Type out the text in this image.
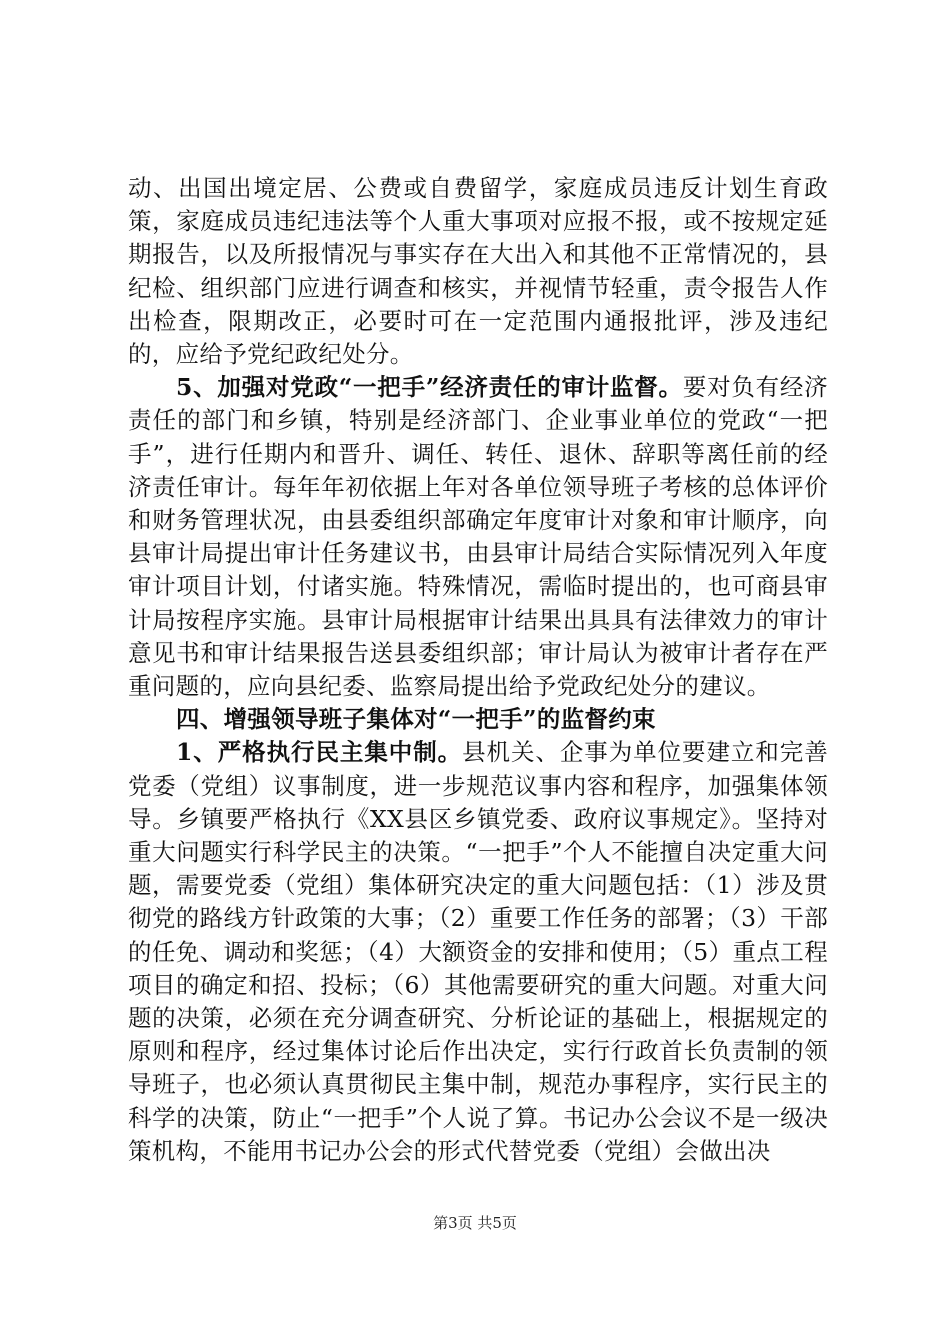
动、出国出境定居、公费或自费留学，家庭成员违反计划生育政策，家庭成员违纪违法等个人重大事项对应报不报，或不按规定延期报告，以及所报情况与事实存在大出入和其他不正常情况的，县纪检、组织部门应进行调查和核实，并视情节轻重，责令报告人作出检查，限期改正，必要时可在一定范围内通报批评，涉及违纪的，应给予党纪政纪处分。

5、加强对党政“一把手”经济责任的审计监督。要对负有经济责任的部门和乡镇，特别是经济部门、企业事业单位的党政“一把手”，进行任期内和晋升、调任、转任、退休、辞职等离任前的经济责任审计。每年年初依据上年对各单位领导班子考核的总体评价和财务管理状况，由县委组织部确定年度审计对象和审计顺序，向县审计局提出审计任务建议书，由县审计局结合实际情况列入年度审计项目计划，付诸实施。特殊情况，需临时提出的，也可商县审计局按程序实施。县审计局根据审计结果出具具有法律效力的审计意见书和审计结果报告送县委组织部；审计局认为被审计者存在严重问题的，应向县纪委、监察局提出给予党政纪处分的建议。

四、增强领导班子集体对“一把手”的监督约束

1、严格执行民主集中制。县机关、企事为单位要建立和完善党委（党组）议事制度，进一步规范议事内容和程序，加强集体领导。乡镇要严格执行《XX县区乡镇党委、政府议事规定》。坚持对重大问题实行科学民主的决策。“一把手”个人不能擅自决定重大问题，需要党委（党组）集体研究决定的重大问题包括：（1）涉及贯彻党的路线方针政策的大事；（2）重要工作任务的部署；（3）干部的任免、调动和奖惩；（4）大额资金的安排和使用；（5）重点工程项目的确定和招、投标；（6）其他需要研究的重大问题。对重大问题的决策，必须在充分调查研究、分析论证的基础上，根据规定的原则和程序，经过集体讨论后作出决定，实行行政首长负责制的领导班子，也必须认真贯彻民主集中制，规范办事程序，实行民主的科学的决策，防止“一把手”个人说了算。书记办公会议不是一级决策机构，不能用书记办公会的形式代替党委（党组）会做出决

第3页 共5页
